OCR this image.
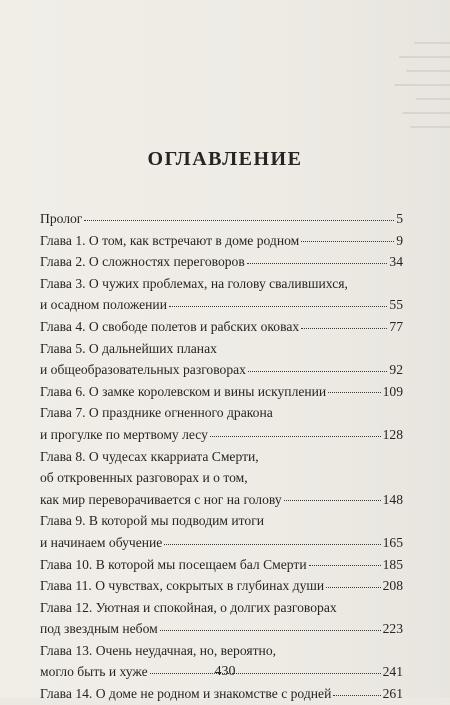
ОГЛАВЛЕНИЕ
Пролог	5
Глава 1. О том, как встречают в доме родном	9
Глава 2. О сложностях переговоров	34
Глава 3. О чужих проблемах, на голову свалившихся,
и осадном положении	55
Глава 4. О свободе полетов и рабских оковах	77
Глава 5. О дальнейших планах
и общеобразовательных разговорах	92
Глава 6. О замке королевском и вины искуплении	109
Глава 7. О празднике огненного дракона
и прогулке по мертвому лесу	128
Глава 8. О чудесах ккарриата Смерти,
об откровенных разговорах и о том,
как мир переворачивается с ног на голову	148
Глава 9. В которой мы подводим итоги
и начинаем обучение	165
Глава 10. В которой мы посещаем бал Смерти	185
Глава 11. О чувствах, сокрытых в глубинах души	208
Глава 12. Уютная и спокойная, о долгих разговорах
под звездным небом	223
Глава 13. Очень неудачная, но, вероятно,
могло быть и хуже	241
Глава 14. О доме не родном и знакомстве с родней	261
430
